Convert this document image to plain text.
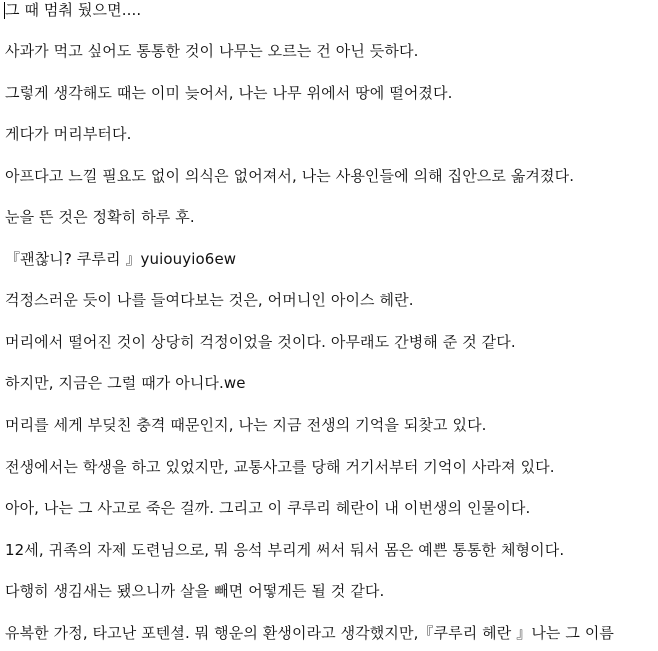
그 때 멈춰 뒀으면....
사과가 먹고 싶어도 통통한 것이 나무는 오르는 건 아닌 듯하다.
그렇게 생각해도 때는 이미 늦어서, 나는 나무 위에서 땅에 떨어졌다.
게다가 머리부터다.
아프다고 느낄 필요도 없이 의식은 없어져서, 나는 사용인들에 의해 집안으로 옮겨졌다.
눈을 뜬 것은 정확히 하루 후.
『괜찮니? 쿠루리 』yuiouyio6ew
걱정스러운 듯이 나를 들여다보는 것은, 어머니인 아이스 헤란.
머리에서 떨어진 것이 상당히 걱정이었을 것이다. 아무래도 간병해 준 것 같다.
하지만, 지금은 그럴 때가 아니다.we
머리를 세게 부딪친 충격 때문인지, 나는 지금 전생의 기억을 되찾고 있다.
전생에서는 학생을 하고 있었지만, 교통사고를 당해 거기서부터 기억이 사라져 있다.
아아, 나는 그 사고로 죽은 걸까. 그리고 이 쿠루리 헤란이 내 이번생의 인물이다.
12세, 귀족의 자제 도련님으로, 뭐 응석 부리게 써서 둬서 몸은 예쁜 통통한 체형이다.
다행히 생김새는 됐으니까 살을 빼면 어떻게든 될 것 같다.
유복한 가정, 타고난 포텐셜. 뭐 행운의 환생이라고 생각했지만,『쿠루리 헤란 』나는 그 이름
